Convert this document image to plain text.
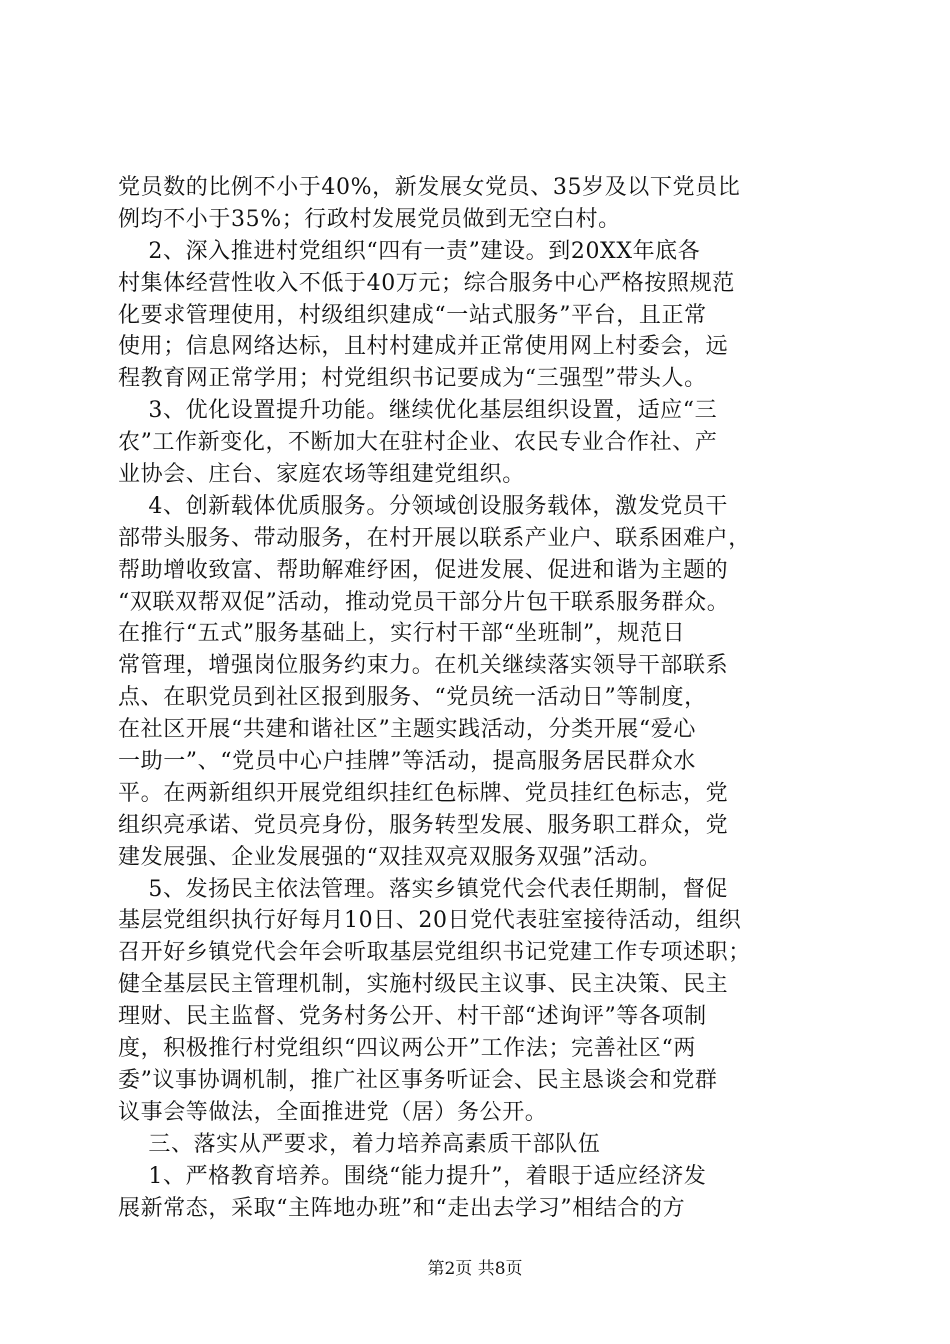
党员数的比例不小于40%，新发展女党员、35岁及以下党员比
例均不小于35%；行政村发展党员做到无空白村。
2、深入推进村党组织“四有一责”建设。到20XX年底各
村集体经营性收入不低于40万元；综合服务中心严格按照规范
化要求管理使用，村级组织建成“一站式服务”平台，且正常
使用；信息网络达标，且村村建成并正常使用网上村委会，远
程教育网正常学用；村党组织书记要成为“三强型”带头人。
3、优化设置提升功能。继续优化基层组织设置，适应“三
农”工作新变化，不断加大在驻村企业、农民专业合作社、产
业协会、庄台、家庭农场等组建党组织。
4、创新载体优质服务。分领域创设服务载体，激发党员干
部带头服务、带动服务，在村开展以联系产业户、联系困难户，
帮助增收致富、帮助解难纾困，促进发展、促进和谐为主题的
“双联双帮双促”活动，推动党员干部分片包干联系服务群众。
在推行“五式”服务基础上，实行村干部“坐班制”，规范日
常管理，增强岗位服务约束力。在机关继续落实领导干部联系
点、在职党员到社区报到服务、“党员统一活动日”等制度，
在社区开展“共建和谐社区”主题实践活动，分类开展“爱心
一助一”、“党员中心户挂牌”等活动，提高服务居民群众水
平。在两新组织开展党组织挂红色标牌、党员挂红色标志，党
组织亮承诺、党员亮身份，服务转型发展、服务职工群众，党
建发展强、企业发展强的“双挂双亮双服务双强”活动。
5、发扬民主依法管理。落实乡镇党代会代表任期制，督促
基层党组织执行好每月10日、20日党代表驻室接待活动，组织
召开好乡镇党代会年会听取基层党组织书记党建工作专项述职；
健全基层民主管理机制，实施村级民主议事、民主决策、民主
理财、民主监督、党务村务公开、村干部“述询评”等各项制
度，积极推行村党组织“四议两公开”工作法；完善社区“两
委”议事协调机制，推广社区事务听证会、民主恳谈会和党群
议事会等做法，全面推进党（居）务公开。
三、落实从严要求，着力培养高素质干部队伍
1、严格教育培养。围绕“能力提升”，着眼于适应经济发
展新常态，采取“主阵地办班”和“走出去学习”相结合的方
第2页 共8页
